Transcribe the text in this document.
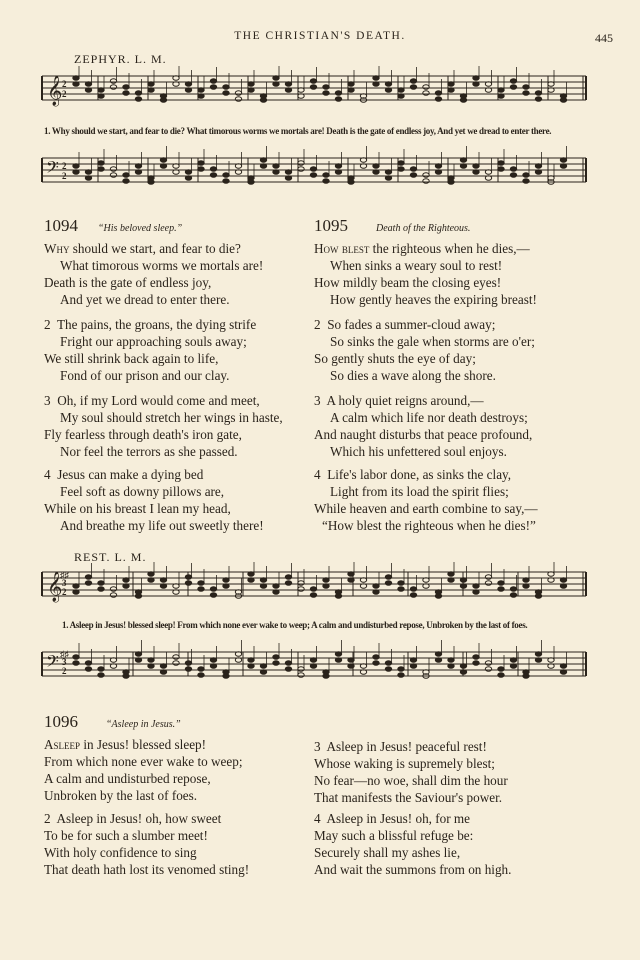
THE CHRISTIAN'S DEATH.	445
ZEPHYR. L. M.
𝄞 2
2
1. Why should we start, and fear to die? What timorous worms we mortals are! Death is the gate of endless joy, And yet we dread to enter there.
𝄢 2
2
1094 “His beloved sleep.”
Why should we start, and fear to die?
What timorous worms we mortals are!
Death is the gate of endless joy,
And yet we dread to enter there.
2 The pains, the groans, the dying strife
Fright our approaching souls away;
We still shrink back again to life,
Fond of our prison and our clay.
3 Oh, if my Lord would come and meet,
My soul should stretch her wings in haste,
Fly fearless through death's iron gate,
Nor feel the terrors as she passed.
4 Jesus can make a dying bed
Feel soft as downy pillows are,
While on his breast I lean my head,
And breathe my life out sweetly there!
1095	Death of the Righteous.
How blest the righteous when he dies,—
When sinks a weary soul to rest!
How mildly beam the closing eyes!
How gently heaves the expiring breast!
2 So fades a summer-cloud away;
So sinks the gale when storms are o'er;
So gently shuts the eye of day;
So dies a wave along the shore.
3 A holy quiet reigns around,—
A calm which life nor death destroys;
And naught disturbs that peace profound,
Which his unfettered soul enjoys.
4 Life's labor done, as sinks the clay,
Light from its load the spirit flies;
While heaven and earth combine to say,—
“How blest the righteous when he dies!”
REST. L. M.
𝄞
♯♯
3
2
1. Asleep in Jesus! blessed sleep! From which none ever wake to weep; A calm and undisturbed repose, Unbroken by the last of foes.
𝄢 ♯♯
3
2
1096	“Asleep in Jesus.”
Asleep in Jesus! blessed sleep!
From which none ever wake to weep;
A calm and undisturbed repose,
Unbroken by the last of foes.
2 Asleep in Jesus! oh, how sweet
To be for such a slumber meet!
With holy confidence to sing
That death hath lost its venomed sting!
3 Asleep in Jesus! peaceful rest!
Whose waking is supremely blest;
No fear—no woe, shall dim the hour
That manifests the Saviour's power.
4 Asleep in Jesus! oh, for me
May such a blissful refuge be:
Securely shall my ashes lie,
And wait the summons from on high.
